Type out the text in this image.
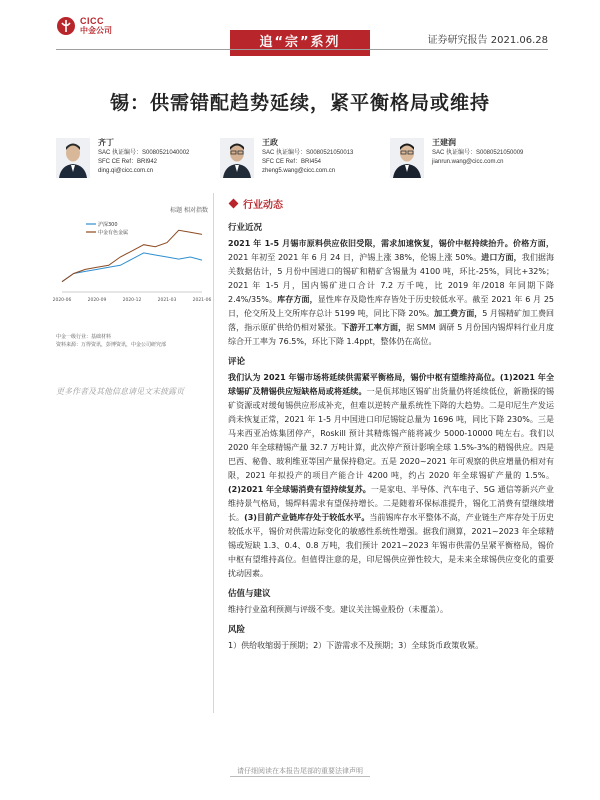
CICC
中金公司
追“宗”系列	证券研究报告 2021.06.28
锡：供需错配趋势延续，紧平衡格局或维持
齐丁
SAC 执证编号：S0080521040002
SFC CE Ref：BRI942
ding.qi@cicc.com.cn
王政
SAC 执证编号：S0080521050013
SFC CE Ref：BRI454
zheng5.wang@cicc.com.cn
王建润
SAC 执证编号：S0080521050009
jianrun.wang@cicc.com.cn
标题 相对指数
沪深300
中金有色金属
2020-06	2020-09	2020-12	2021-03	2021-06
中金一级行业：基础材料
资料来源：万得资讯，彭博资讯，中金公司研究部
更多作者及其他信息请见文末披露页
行业动态
行业近况
2021 年 1-5 月锡市原料供应依旧受限，需求加速恢复，锡价中枢持续抬升。价格方面，2021 年初至 2021 年 6 月 24 日，沪锡上涨 38%，伦锡上涨 50%。进口方面，我们据海关数据估计，5 月份中国进口的锡矿和精矿含锡量为 4100 吨，环比-25%，同比+32%；2021 年 1-5 月，国内锡矿进口合计 7.2 万千吨，比 2019 年/2018 年同期下降 2.4%/35%。库存方面，显性库存及隐性库存皆处于历史较低水平。截至 2021 年 6 月 25 日，伦交所及上交所库存总计 5199 吨，同比下降 20%。加工费方面，5 月锡精矿加工费回落，指示原矿供给仍相对紧张。下游开工率方面，据 SMM 调研 5 月份国内锡焊料行业月度综合开工率为 76.5%，环比下降 1.4ppt，整体仍在高位。
评论
我们认为 2021 年锡市场将延续供需紧平衡格局，锡价中枢有望维持高位。(1)2021 年全球锡矿及精锡供应短缺格局或将延续。一是佤邦地区锡矿出货量仍将延续低位，新勘探的锡矿资源或对缓甸锡供应形成补充，但难以逆转产量系统性下降的大趋势。二是印尼生产发运尚未恢复正常，2021 年 1-5 月中国进口印尼锡锭总量为 1696 吨，同比下降 230%。三是马来西亚冶炼集团停产，Roskill 预计其精炼锡产能将减少 5000-10000 吨左右。我们以 2020 年全球精锡产量 32.7 万吨计算，此次停产预计影响全球 1.5%-3%的精锡供应。四是巴西、秘鲁、玻利维亚等国产量保持稳定。五是 2020~2021 年可观察的供应增量仍相对有限，2021 年拟投产的项目产能合计 4200 吨，约占 2020 年全球锡矿产量的 1.5%。(2)2021 年全球锡消费有望持续复苏。一是家电、半导体、汽车电子、5G 通信等新兴产业维持景气格局，锡焊料需求有望保持增长。二是随着环保标准提升，锡化工消费有望继续增长。(3)目前产业链库存处于较低水平。当前锡库存水平整体不高，产业链生产库存处于历史较低水平，锡价对供需边际变化的敏感性系统性增强。据我们测算，2021~2023 年全球精锡或短缺 1.3、0.4、0.8 万吨，我们预计 2021~2023 年锡市供需仍呈紧平衡格局，锡价中枢有望维持高位。但值得注意的是，印尼锡供应弹性较大，是未来全球锡供应变化的重要扰动因素。
估值与建议
维持行业盈利预测与评级不变。建议关注锡业股份（未覆盖）。
风险
1）供给收缩弱于预期；2）下游需求不及预期；3）全球货币政策收紧。
请仔细阅读在本报告尾部的重要法律声明
